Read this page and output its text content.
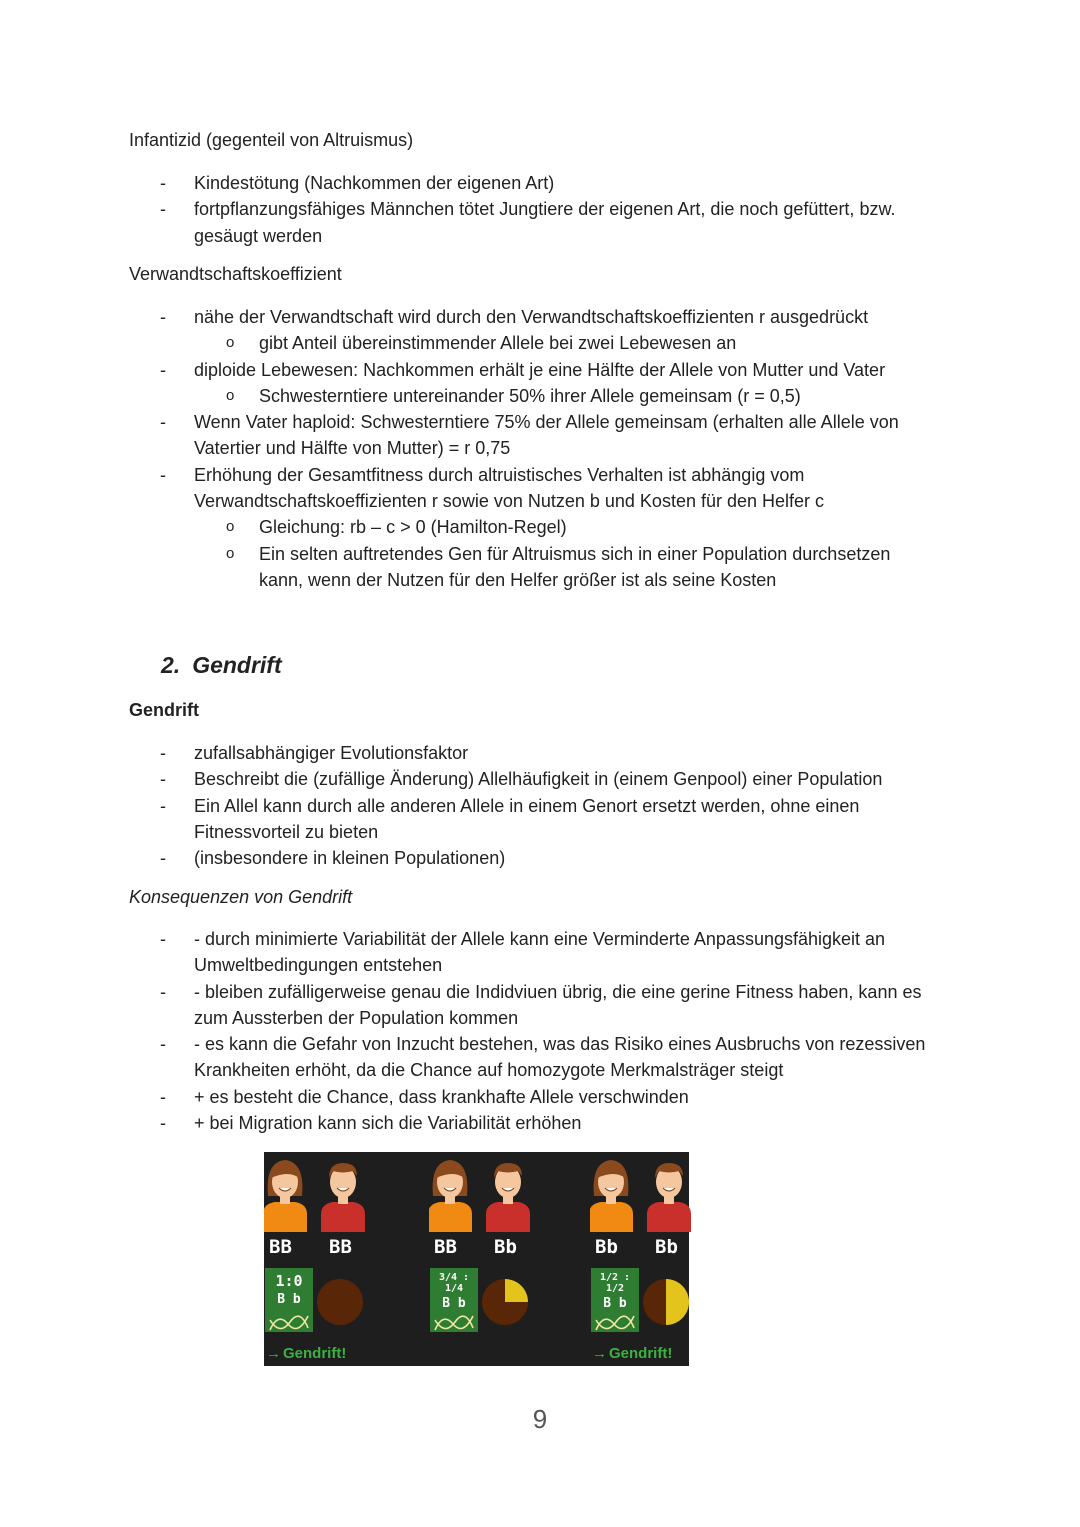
Infantizid (gegenteil von Altruismus)
- Kindestötung (Nachkommen der eigenen Art)
- fortpflanzungsfähiges Männchen tötet Jungtiere der eigenen Art, die noch gefüttert, bzw. gesäugt werden
Verwandtschaftskoeffizient
- nähe der Verwandtschaft wird durch den Verwandtschaftskoeffizienten r ausgedrückt
o gibt Anteil übereinstimmender Allele bei zwei Lebewesen an
- diploide Lebewesen: Nachkommen erhält je eine Hälfte der Allele von Mutter und Vater
o Schwesterntiere untereinander 50% ihrer Allele gemeinsam (r = 0,5)
- Wenn Vater haploid: Schwesterntiere 75% der Allele gemeinsam (erhalten alle Allele von Vatertier und Hälfte von Mutter) = r 0,75
- Erhöhung der Gesamtfitness durch altruistisches Verhalten ist abhängig vom Verwandtschaftskoeffizienten r sowie von Nutzen b und Kosten für den Helfer c
o Gleichung: rb – c > 0 (Hamilton-Regel)
o Ein selten auftretendes Gen für Altruismus sich in einer Population durchsetzen kann, wenn der Nutzen für den Helfer größer ist als seine Kosten
2. Gendrift
Gendrift
- zufallsabhängiger Evolutionsfaktor
- Beschreibt die (zufällige Änderung) Allelhäufigkeit in (einem Genpool) einer Population
- Ein Allel kann durch alle anderen Allele in einem Genort ersetzt werden, ohne einen Fitnessvorteil zu bieten
- (insbesondere in kleinen Populationen)
Konsequenzen von Gendrift
- - durch minimierte Variabilität der Allele kann eine Verminderte Anpassungsfähigkeit an Umweltbedingungen entstehen
- - bleiben zufälligerweise genau die Indidviuen übrig, die eine gerine Fitness haben, kann es zum Aussterben der Population kommen
- - es kann die Gefahr von Inzucht bestehen, was das Risiko eines Ausbruchs von rezessiven Krankheiten erhöht, da die Chance auf homozygote Merkmalsträger steigt
- + es besteht die Chance, dass krankhafte Allele verschwinden
- + bei Migration kann sich die Variabilität erhöhen
1:0
B b
BB BB
→ Gendrift!
3/4 : 1/4
B b
BB Bb
1/2 : 1/2
B b
Bb Bb
→ Gendrift!
9
